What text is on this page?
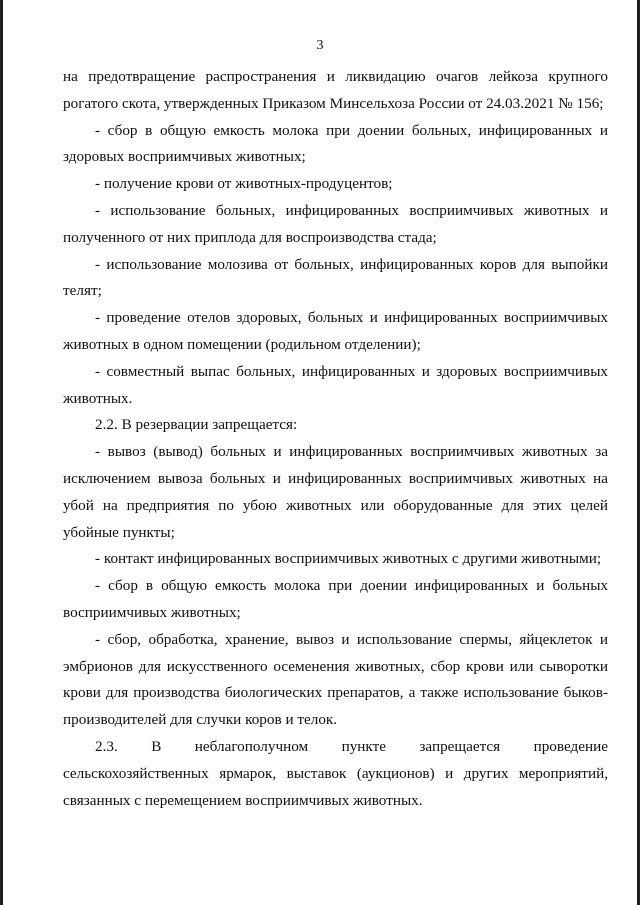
3

на предотвращение распространения и ликвидацию очагов лейкоза крупного рогатого скота, утвержденных Приказом Минсельхоза России от 24.03.2021 № 156;

- сбор в общую емкость молока при доении больных, инфицированных и здоровых восприимчивых животных;

- получение крови от животных-продуцентов;

- использование больных, инфицированных восприимчивых животных и полученного от них приплода для воспроизводства стада;

- использование молозива от больных, инфицированных коров для выпойки телят;

- проведение отелов здоровых, больных и инфицированных восприимчивых животных в одном помещении (родильном отделении);

- совместный выпас больных, инфицированных и здоровых восприимчивых животных.

2.2. В резервации запрещается:

- вывоз (вывод) больных и инфицированных восприимчивых животных за исключением вывоза больных и инфицированных восприимчивых животных на убой на предприятия по убою животных или оборудованные для этих целей убойные пункты;

- контакт инфицированных восприимчивых животных с другими животными;

- сбор в общую емкость молока при доении инфицированных и больных восприимчивых животных;

- сбор, обработка, хранение, вывоз и использование спермы, яйцеклеток и эмбрионов для искусственного осеменения животных, сбор крови или сыворотки крови для производства биологических препаратов, а также использование быков-производителей для случки коров и телок.

2.3. В неблагополучном пункте запрещается проведение

сельскохозяйственных ярмарок, выставок (аукционов) и других мероприятий, связанных с перемещением восприимчивых животных.
